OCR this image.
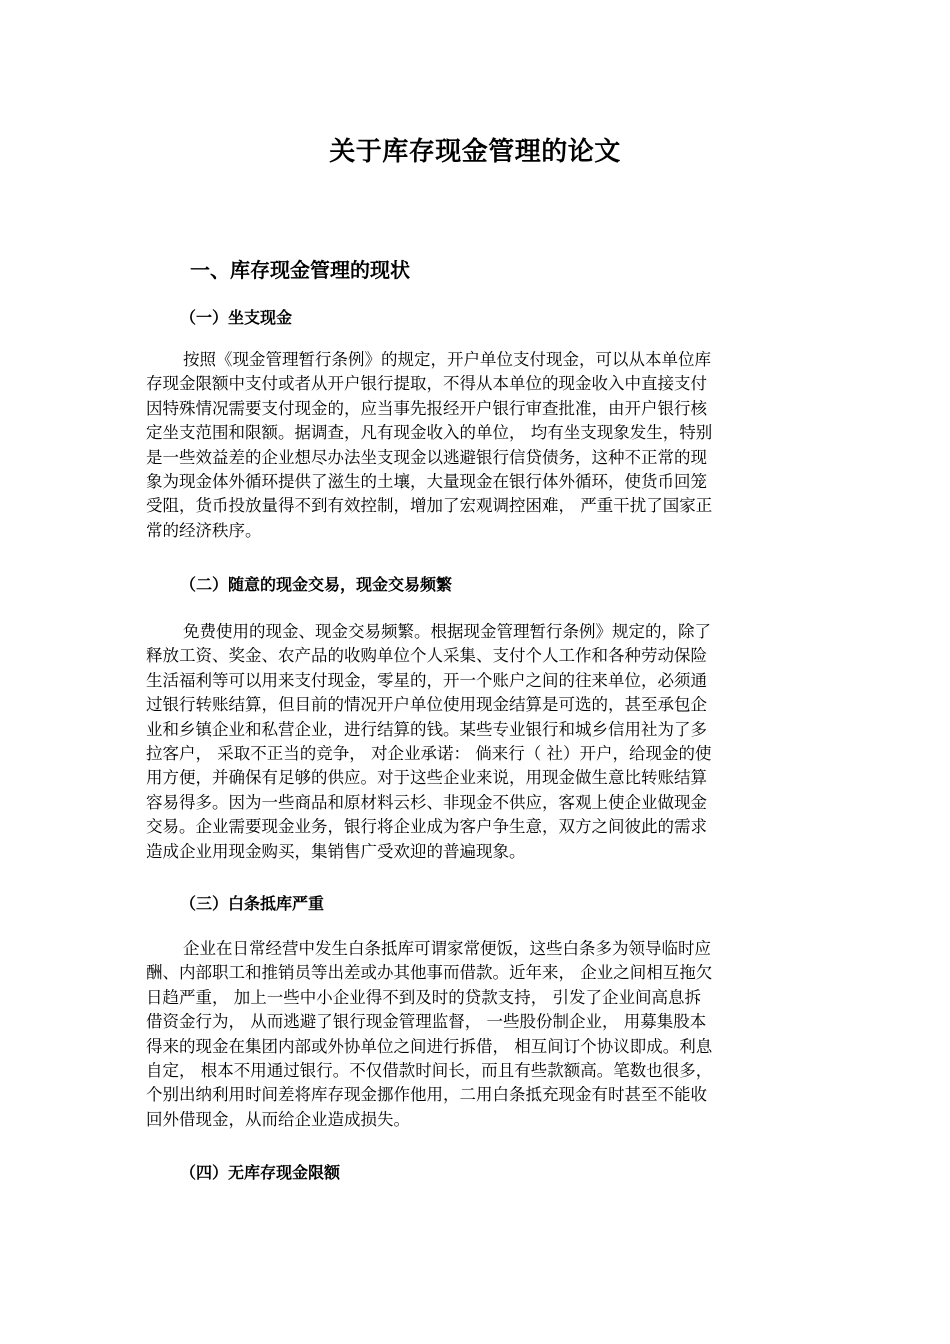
关于库存现金管理的论文
一、库存现金管理的现状
（一）坐支现金

按照《现金管理暂行条例》的规定，开户单位支付现金，可以从本单位库
存现金限额中支付或者从开户银行提取，不得从本单位的现金收入中直接支付
因特殊情况需要支付现金的，应当事先报经开户银行审查批准，由开户银行核
定坐支范围和限额。据调查，凡有现金收入的单位， 均有坐支现象发生，特别
是一些效益差的企业想尽办法坐支现金以逃避银行信贷债务，这种不正常的现
象为现金体外循环提供了滋生的土壤，大量现金在银行体外循环，使货币回笼
受阻，货币投放量得不到有效控制，增加了宏观调控困难， 严重干扰了国家正
常的经济秩序。

（二）随意的现金交易，现金交易频繁

免费使用的现金、现金交易频繁。根据现金管理暂行条例》规定的，除了
释放工资、奖金、农产品的收购单位个人采集、支付个人工作和各种劳动保险
生活福利等可以用来支付现金，零星的，开一个账户之间的往来单位，必须通
过银行转账结算，但目前的情况开户单位使用现金结算是可选的，甚至承包企
业和乡镇企业和私营企业，进行结算的钱。某些专业银行和城乡信用社为了多
拉客户， 采取不正当的竞争， 对企业承诺： 倘来行（ 社）开户，给现金的使
用方便，并确保有足够的供应。对于这些企业来说，用现金做生意比转账结算
容易得多。因为一些商品和原材料云杉、非现金不供应，客观上使企业做现金
交易。企业需要现金业务，银行将企业成为客户争生意，双方之间彼此的需求
造成企业用现金购买，集销售广受欢迎的普遍现象。

（三）白条抵库严重

企业在日常经营中发生白条抵库可谓家常便饭，这些白条多为领导临时应
酬、内部职工和推销员等出差或办其他事而借款。近年来， 企业之间相互拖欠
日趋严重， 加上一些中小企业得不到及时的贷款支持， 引发了企业间高息拆
借资金行为， 从而逃避了银行现金管理监督， 一些股份制企业， 用募集股本
得来的现金在集团内部或外协单位之间进行拆借， 相互间订个协议即成。利息
自定， 根本不用通过银行。不仅借款时间长，而且有些款额高。笔数也很多，
个别出纳利用时间差将库存现金挪作他用，二用白条抵充现金有时甚至不能收
回外借现金，从而给企业造成损失。

（四）无库存现金限额
